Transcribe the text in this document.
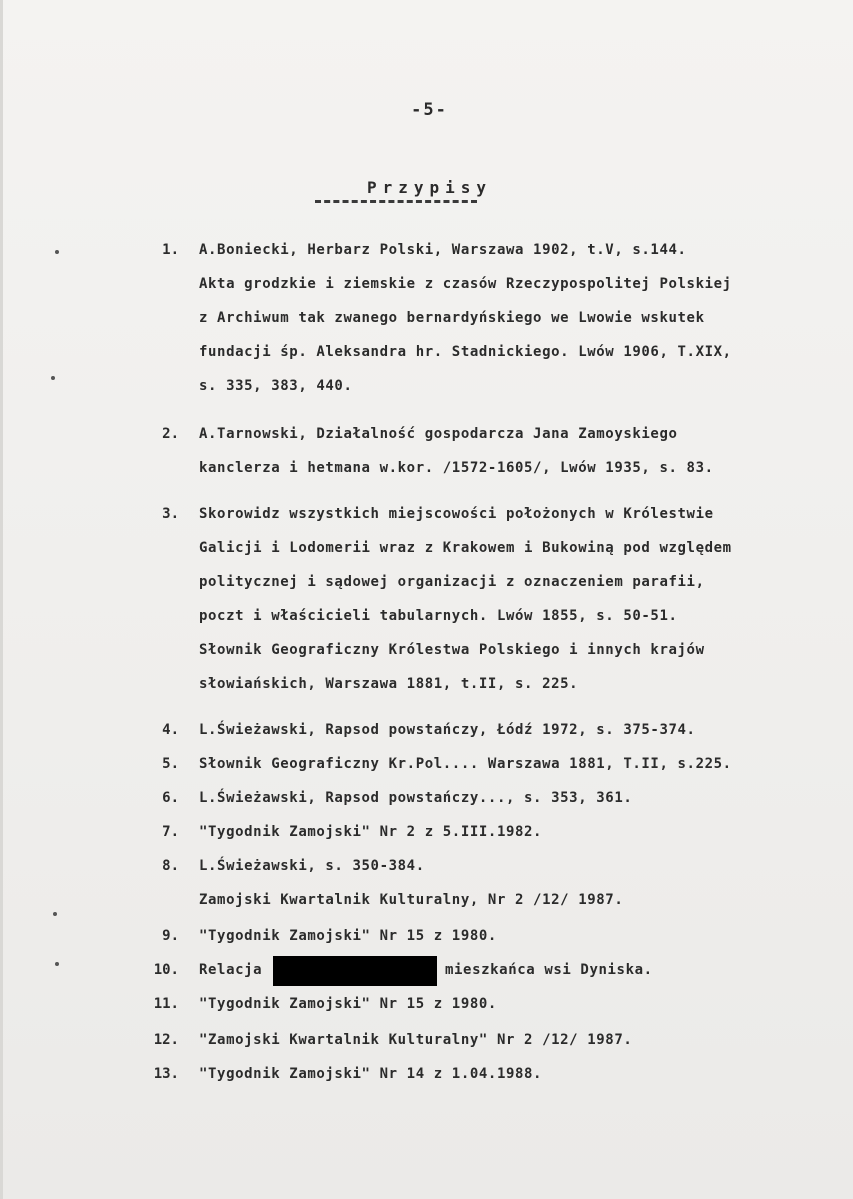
-5-
Przypisy
1. A.Boniecki, Herbarz Polski, Warszawa 1902, t.V, s.144.
Akta grodzkie i ziemskie z czasów Rzeczypospolitej Polskiej
z Archiwum tak zwanego bernardyńskiego we Lwowie wskutek
fundacji śp. Aleksandra hr. Stadnickiego. Lwów 1906, T.XIX,
s. 335, 383, 440.
2. A.Tarnowski, Działalność gospodarcza Jana Zamoyskiego
kanclerza i hetmana w.kor. /1572-1605/, Lwów 1935, s. 83.
3. Skorowidz wszystkich miejscowości położonych w Królestwie
Galicji i Lodomerii wraz z Krakowem i Bukowiną pod względem
politycznej i sądowej organizacji z oznaczeniem parafii,
poczt i właścicieli tabularnych. Lwów 1855, s. 50-51.
Słownik Geograficzny Królestwa Polskiego i innych krajów
słowiańskich, Warszawa 1881, t.II, s. 225.
4. L.Świeżawski, Rapsod powstańczy, Łódź 1972, s. 375-374.
5. Słownik Geograficzny Kr.Pol.... Warszawa 1881, T.II, s.225.
6. L.Świeżawski, Rapsod powstańczy..., s. 353, 361.
7. "Tygodnik Zamojski" Nr 2 z 5.III.1982.
8. L.Świeżawski, s. 350-384.
Zamojski Kwartalnik Kulturalny, Nr 2 /12/ 1987.
9. "Tygodnik Zamojski" Nr 15 z 1980.
10. Relacja	mieszkańca wsi Dyniska.
11. "Tygodnik Zamojski" Nr 15 z 1980.
12. "Zamojski Kwartalnik Kulturalny" Nr 2 /12/ 1987.
13. "Tygodnik Zamojski" Nr 14 z 1.04.1988.
